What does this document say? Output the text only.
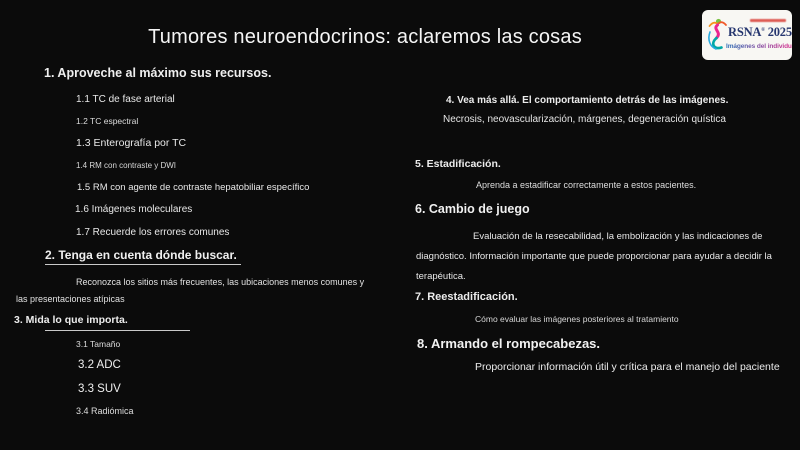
Tumores neuroendocrinos: aclaremos las cosas	RSNA® 2025
Imágenes del individuo
1. Aproveche al máximo sus recursos.
1.1 TC de fase arterial
1.2 TC espectral
1.3 Enterografía por TC
1.4 RM con contraste y DWI
1.5 RM con agente de contraste hepatobiliar específico
1.6 Imágenes moleculares
1.7 Recuerde los errores comunes
2. Tenga en cuenta dónde buscar.
Reconozca los sitios más frecuentes, las ubicaciones menos comunes y las presentaciones atípicas
3. Mida lo que importa.
3.1 Tamaño
3.2 ADC
3.3 SUV
3.4 Radiómica
4. Vea más allá. El comportamiento detrás de las imágenes.
Necrosis, neovascularización, márgenes, degeneración quística
5. Estadificación.
Aprenda a estadificar correctamente a estos pacientes.
6. Cambio de juego
Evaluación de la resecabilidad, la embolización y las indicaciones de diagnóstico. Información importante que puede proporcionar para ayudar a decidir la terapéutica.
7. Reestadificación.
Cómo evaluar las imágenes posteriores al tratamiento
8. Armando el rompecabezas.
Proporcionar información útil y crítica para el manejo del paciente
